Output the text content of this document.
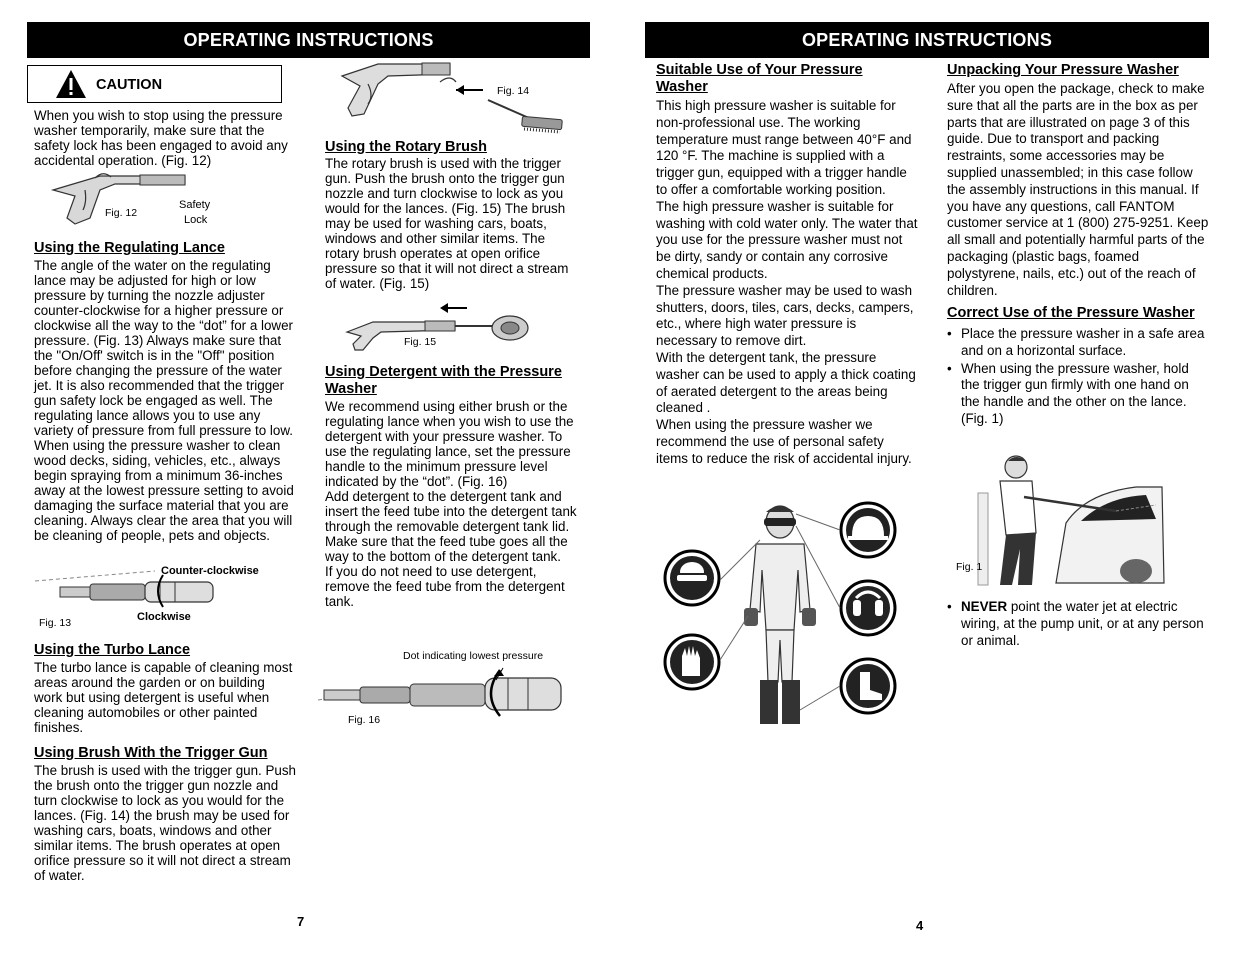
OPERATING INSTRUCTIONS
CAUTION

When you wish to stop using the pressure washer temporarily, make sure that the safety lock has been engaged to avoid any accidental operation. (Fig. 12)

Fig. 12
Safety
Lock
Using the Regulating Lance

The angle of the water on the regulating lance may be adjusted for high or low pressure by turning the nozzle adjuster counter-clockwise for a higher pressure or clockwise all the way to the “dot” for a lower pressure. (Fig. 13) Always make sure that the "On/Off' switch is in the "Off" position before changing the pressure of the water jet. It is also recommended that the trigger gun safety lock be engaged as well. The regulating lance allows you to use any variety of pressure from full pressure to low. When using the pressure washer to clean wood decks, siding, vehicles, etc., always begin spraying from a minimum 36-inches away at the lowest pressure setting to avoid damaging the surface material that you are cleaning. Always clear the area that you will be cleaning of people, pets and objects.

Counter-clockwise
Clockwise
Fig. 13
Using the Turbo Lance

The turbo lance is capable of cleaning most areas around the garden or on building work but using detergent is useful when cleaning automobiles or other painted finishes.

Using Brush With the Trigger Gun

The brush is used with the trigger gun. Push the brush onto the trigger gun nozzle and turn clockwise to lock as you would for the lances. (Fig. 14) the brush may be used for washing cars, boats, windows and other similar items. The brush operates at open orifice pressure so it will not direct a stream of water.

7
Fig. 14
Using the Rotary Brush

The rotary brush is used with the trigger gun. Push the brush onto the trigger gun nozzle and turn clockwise to lock as you would for the lances. (Fig. 15) The brush may be used for washing cars, boats, windows and other similar items. The rotary brush operates at open orifice pressure so that it will not direct a stream of water. (Fig. 15)

Fig. 15
Using Detergent with the Pressure Washer

We recommend using either brush or the regulating lance when you wish to use the detergent with your pressure washer. To use the regulating lance, set the pressure handle to the minimum pressure level indicated by the “dot”. (Fig. 16)

Add detergent to the detergent tank and insert the feed tube into the detergent tank through the removable detergent tank lid. Make sure that the feed tube goes all the way to the bottom of the detergent tank.

If you do not need to use detergent, remove the feed tube from the detergent tank.

Dot indicating lowest pressure
Fig. 16
OPERATING INSTRUCTIONS
Suitable Use of Your Pressure Washer

This high pressure washer is suitable for non-professional use. The working temperature must range between 40°F and 120 °F. The machine is supplied with a trigger gun, equipped with a trigger handle to offer a comfortable working position.

The high pressure washer is suitable for washing with cold water only. The water that you use for the pressure washer must not be dirty, sandy or contain any corrosive chemical products.

The pressure washer may be used to wash shutters, doors, tiles, cars, decks, campers, etc., where high water pressure is necessary to remove dirt.

With the detergent tank, the pressure washer can be used to apply a thick coating of aerated detergent to the areas being cleaned .

When using the pressure washer we recommend the use of personal safety items to reduce the risk of accidental injury.

Unpacking Your Pressure Washer

After you open the package, check to make sure that all the parts are in the box as per parts that are illustrated on page 3 of this guide. Due to transport and packing restraints, some accessories may be supplied unassembled; in this case follow the assembly instructions in this manual. If you have any questions, call FANTOM customer service at 1 (800) 275-9251. Keep all small and potentially harmful parts of the packaging (plastic bags, foamed polystyrene, nails, etc.) out of the reach of children.

Correct Use of the Pressure Washer
• Place the pressure washer in a safe area and on a horizontal surface.
• When using the pressure washer, hold the trigger gun firmly with one hand on the handle and the other on the lance. (Fig. 1)
Fig. 1
• NEVER point the water jet at electric wiring, at the pump unit, or at any person or animal.
4
